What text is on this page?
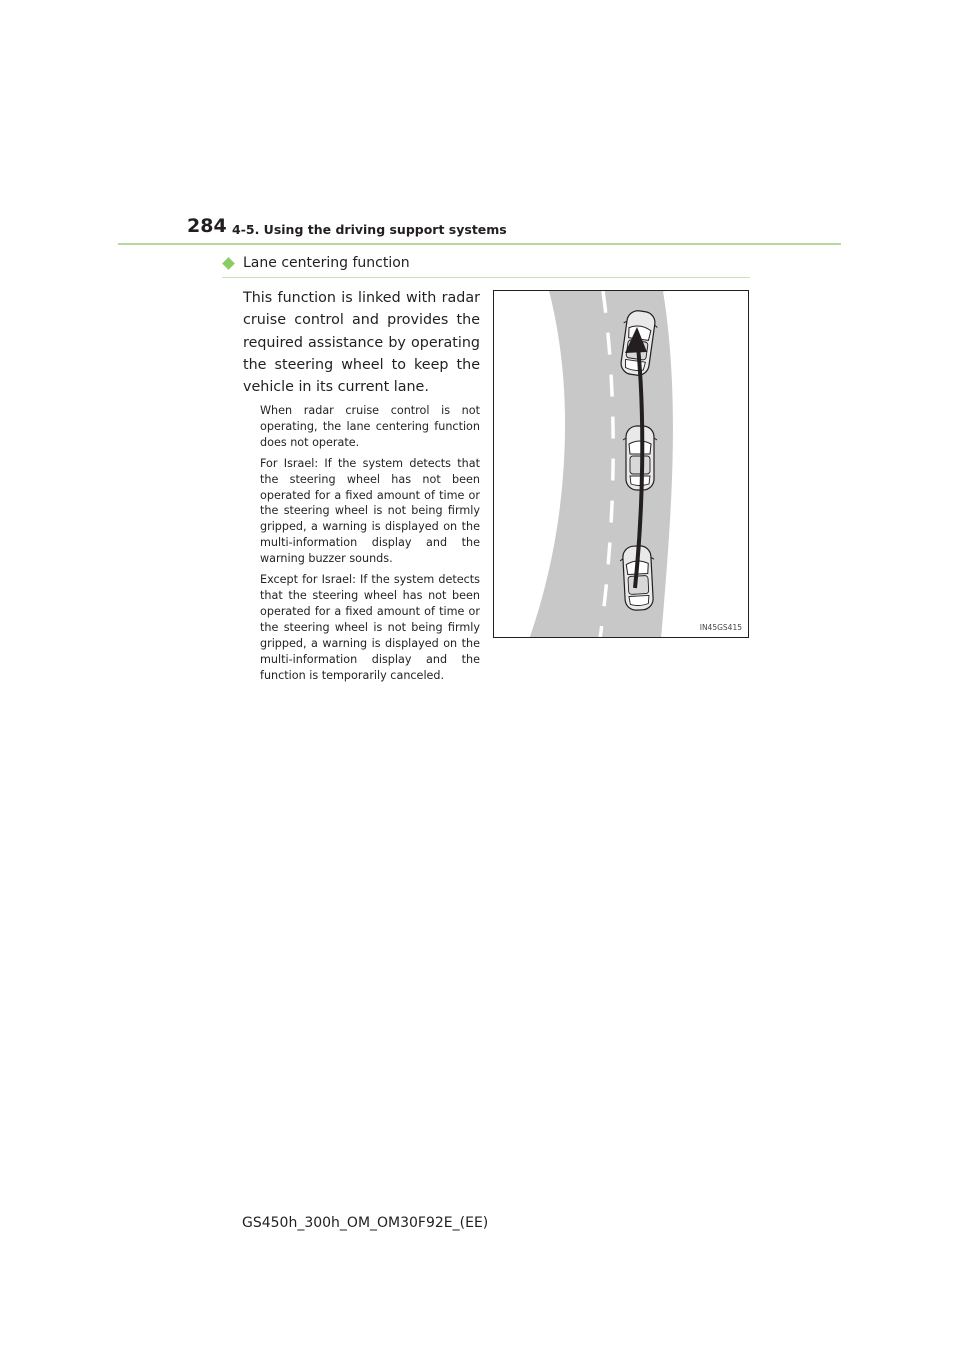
284 4-5. Using the driving support systems
Lane centering function
This function is linked with radar cruise control and provides the required assistance by operating the steering wheel to keep the vehicle in its current lane.

When radar cruise control is not operating, the lane centering function does not operate.

For Israel: If the system detects that the steering wheel has not been operated for a fixed amount of time or the steering wheel is not being firmly gripped, a warning is displayed on the multi-information display and the warning buzzer sounds.

Except for Israel: If the system detects that the steering wheel has not been operated for a fixed amount of time or the steering wheel is not being firmly gripped, a warning is displayed on the multi-information display and the function is temporarily canceled.

IN45GS415
GS450h_300h_OM_OM30F92E_(EE)
